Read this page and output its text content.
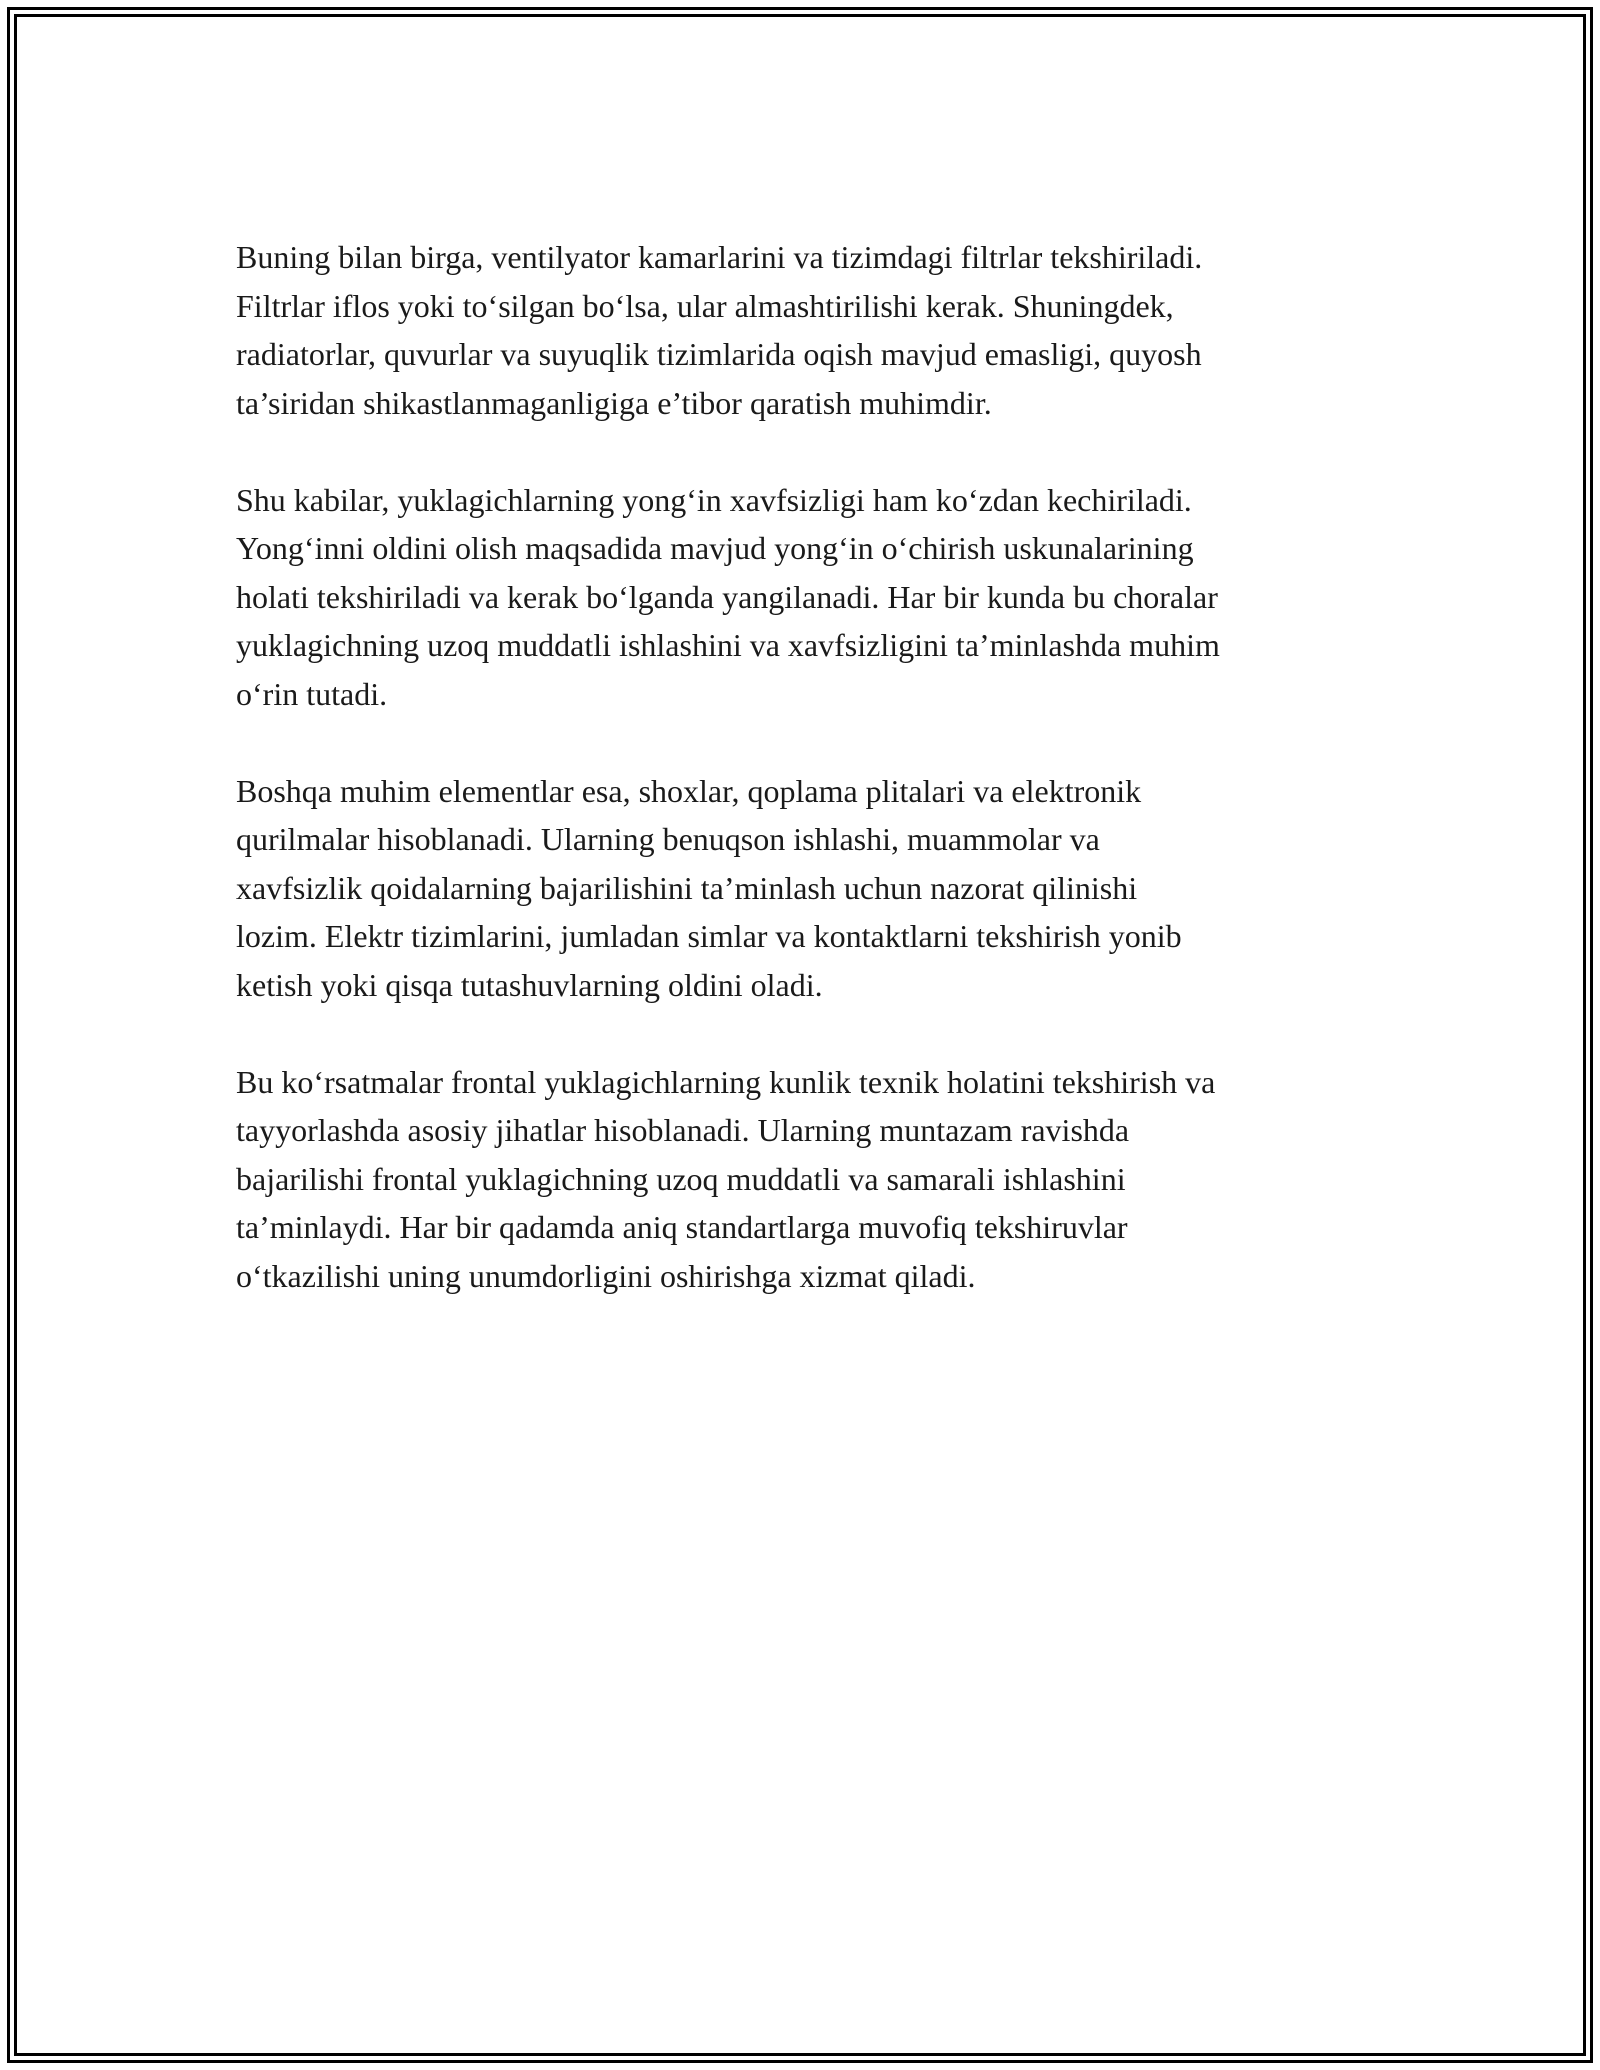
Buning bilan birga, ventilyator kamarlarini va tizimdagi filtrlar tekshiriladi.
Filtrlar iflos yoki to‘silgan bo‘lsa, ular almashtirilishi kerak. Shuningdek,
radiatorlar, quvurlar va suyuqlik tizimlarida oqish mavjud emasligi, quyosh
ta’siridan shikastlanmaganligiga e’tibor qaratish muhimdir.

Shu kabilar, yuklagichlarning yong‘in xavfsizligi ham ko‘zdan kechiriladi.
Yong‘inni oldini olish maqsadida mavjud yong‘in o‘chirish uskunalarining
holati tekshiriladi va kerak bo‘lganda yangilanadi. Har bir kunda bu choralar
yuklagichning uzoq muddatli ishlashini va xavfsizligini ta’minlashda muhim
o‘rin tutadi.

Boshqa muhim elementlar esa, shoxlar, qoplama plitalari va elektronik
qurilmalar hisoblanadi. Ularning benuqson ishlashi, muammolar va
xavfsizlik qoidalarning bajarilishini ta’minlash uchun nazorat qilinishi
lozim. Elektr tizimlarini, jumladan simlar va kontaktlarni tekshirish yonib
ketish yoki qisqa tutashuvlarning oldini oladi.

Bu ko‘rsatmalar frontal yuklagichlarning kunlik texnik holatini tekshirish va
tayyorlashda asosiy jihatlar hisoblanadi. Ularning muntazam ravishda
bajarilishi frontal yuklagichning uzoq muddatli va samarali ishlashini
ta’minlaydi. Har bir qadamda aniq standartlarga muvofiq tekshiruvlar
o‘tkazilishi uning unumdorligini oshirishga xizmat qiladi.
